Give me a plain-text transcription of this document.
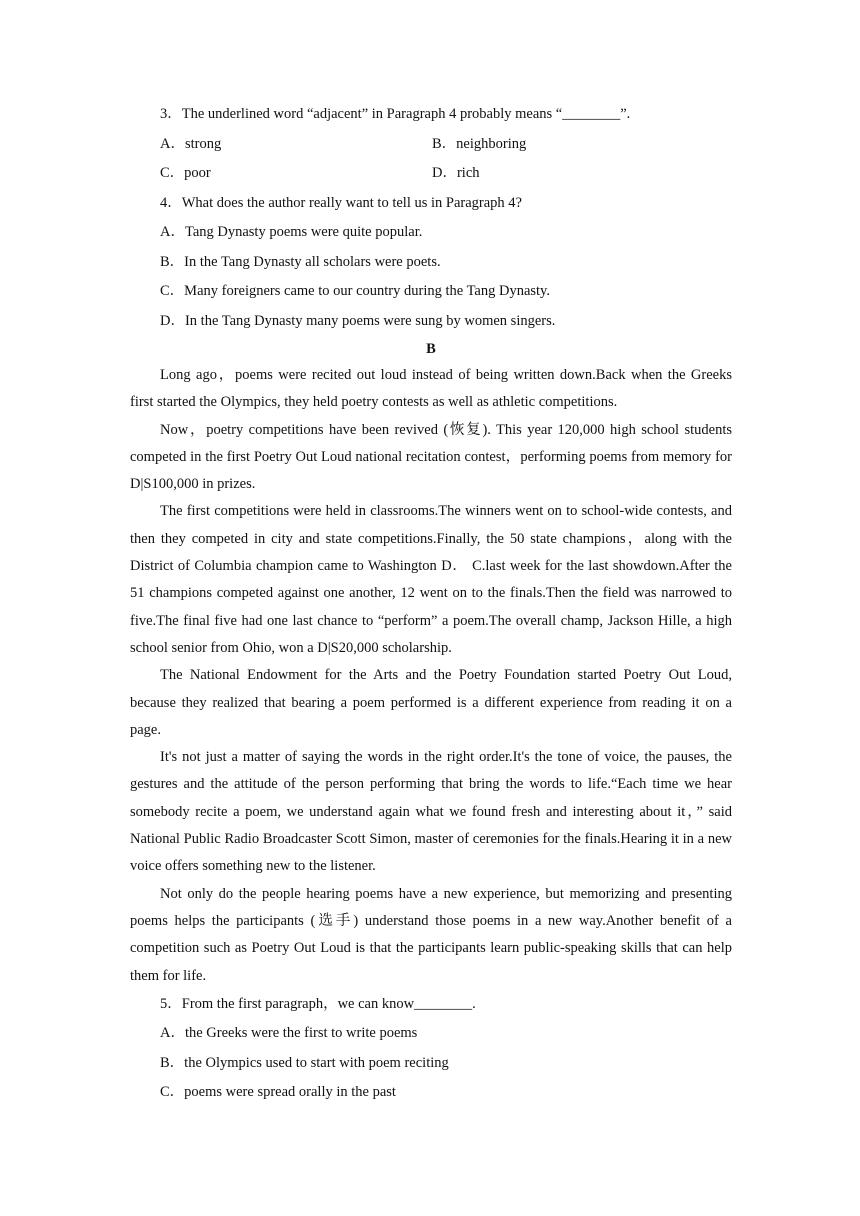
3．The underlined word “adjacent” in Paragraph 4 probably means “________”.
A．strong	B．neighboring
C．poor	D．rich
4．What does the author really want to tell us in Paragraph 4?
A．Tang Dynasty poems were quite popular.
B．In the Tang Dynasty all scholars were poets.
C．Many foreigners came to our country during the Tang Dynasty.
D．In the Tang Dynasty many poems were sung by women singers.
B
Long ago，poems were recited out loud instead of being written down.Back when the Greeks first started the Olympics, they held poetry contests as well as athletic competitions.
Now，poetry competitions have been revived (恢复). This year 120,000 high school students competed in the first Poetry Out Loud national recitation contest，performing poems from memory for D|S100,000 in prizes.
The first competitions were held in classrooms.The winners went on to school-wide contests, and then they competed in city and state competitions.Finally, the 50 state champions，along with the District of Columbia champion came to Washington D． C.last week for the last showdown.After the 51 champions competed against one another, 12 went on to the finals.Then the field was narrowed to five.The final five had one last chance to “perform” a poem.The overall champ, Jackson Hille, a high school senior from Ohio, won a D|S20,000 scholarship.
The National Endowment for the Arts and the Poetry Foundation started Poetry Out Loud, because they realized that bearing a poem performed is a different experience from reading it on a page.
It's not just a matter of saying the words in the right order.It's the tone of voice, the pauses, the gestures and the attitude of the person performing that bring the words to life.“Each time we hear somebody recite a poem, we understand again what we found fresh and interesting about it，” said National Public Radio Broadcaster Scott Simon, master of ceremonies for the finals.Hearing it in a new voice offers something new to the listener.
Not only do the people hearing poems have a new experience, but memorizing and presenting poems helps the participants (选手) understand those poems in a new way.Another benefit of a competition such as Poetry Out Loud is that the participants learn public-speaking skills that can help them for life.
5．From the first paragraph，we can know________.
A．the Greeks were the first to write poems
B．the Olympics used to start with poem reciting
C．poems were spread orally in the past
